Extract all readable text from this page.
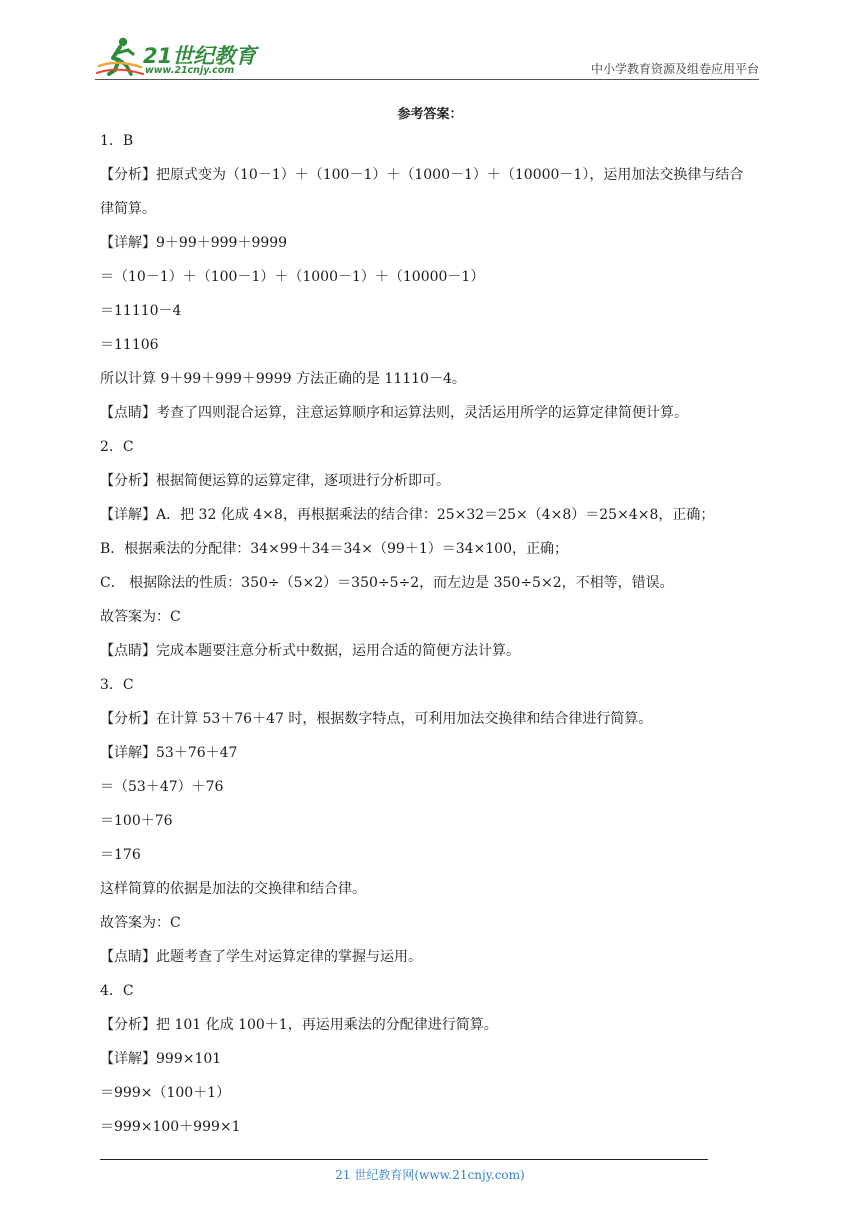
21世纪教育
www.21cnjy.com	中小学教育资源及组卷应用平台
参考答案：
1．B
【分析】把原式变为（10－1）＋（100－1）＋（1000－1）＋（10000－1），运用加法交换律与结合
律简算。
【详解】9＋99＋999＋9999
＝（10－1）＋（100－1）＋（1000－1）＋（10000－1）
＝11110－4
＝11106
所以计算 9＋99＋999＋9999 方法正确的是 11110－4。
【点睛】考查了四则混合运算，注意运算顺序和运算法则，灵活运用所学的运算定律简便计算。
2．C
【分析】根据简便运算的运算定律，逐项进行分析即可。
【详解】A．把 32 化成 4×8，再根据乘法的结合律：25×32＝25×（4×8）＝25×4×8，正确；
B．根据乘法的分配律：34×99＋34＝34×（99＋1）＝34×100，正确；
C． 根据除法的性质：350÷（5×2）＝350÷5÷2，而左边是 350÷5×2，不相等，错误。
故答案为：C
【点睛】完成本题要注意分析式中数据，运用合适的简便方法计算。
3．C
【分析】在计算 53＋76＋47 时，根据数字特点，可利用加法交换律和结合律进行简算。
【详解】53＋76＋47
＝（53＋47）＋76
＝100＋76
＝176
这样简算的依据是加法的交换律和结合律。
故答案为：C
【点睛】此题考查了学生对运算定律的掌握与运用。
4．C
【分析】把 101 化成 100＋1，再运用乘法的分配律进行简算。
【详解】999×101
＝999×（100＋1）
＝999×100＋999×1
21 世纪教育网(www.21cnjy.com)
